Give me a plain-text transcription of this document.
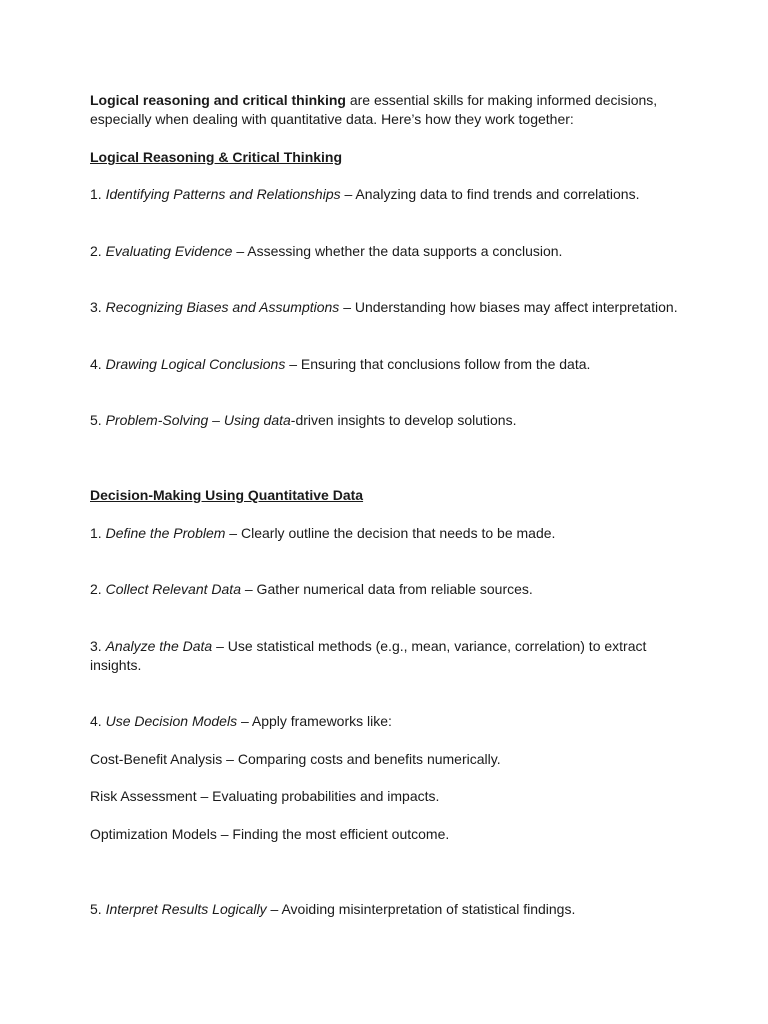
Logical reasoning and critical thinking are essential skills for making informed decisions, especially when dealing with quantitative data. Here’s how they work together:

Logical Reasoning & Critical Thinking

1. Identifying Patterns and Relationships – Analyzing data to find trends and correlations.

2. Evaluating Evidence – Assessing whether the data supports a conclusion.

3. Recognizing Biases and Assumptions – Understanding how biases may affect interpretation.

4. Drawing Logical Conclusions – Ensuring that conclusions follow from the data.

5. Problem-Solving – Using data-driven insights to develop solutions.

Decision-Making Using Quantitative Data

1. Define the Problem – Clearly outline the decision that needs to be made.

2. Collect Relevant Data – Gather numerical data from reliable sources.

3. Analyze the Data – Use statistical methods (e.g., mean, variance, correlation) to extract insights.

4. Use Decision Models – Apply frameworks like:

Cost-Benefit Analysis – Comparing costs and benefits numerically.

Risk Assessment – Evaluating probabilities and impacts.

Optimization Models – Finding the most efficient outcome.

5. Interpret Results Logically – Avoiding misinterpretation of statistical findings.
